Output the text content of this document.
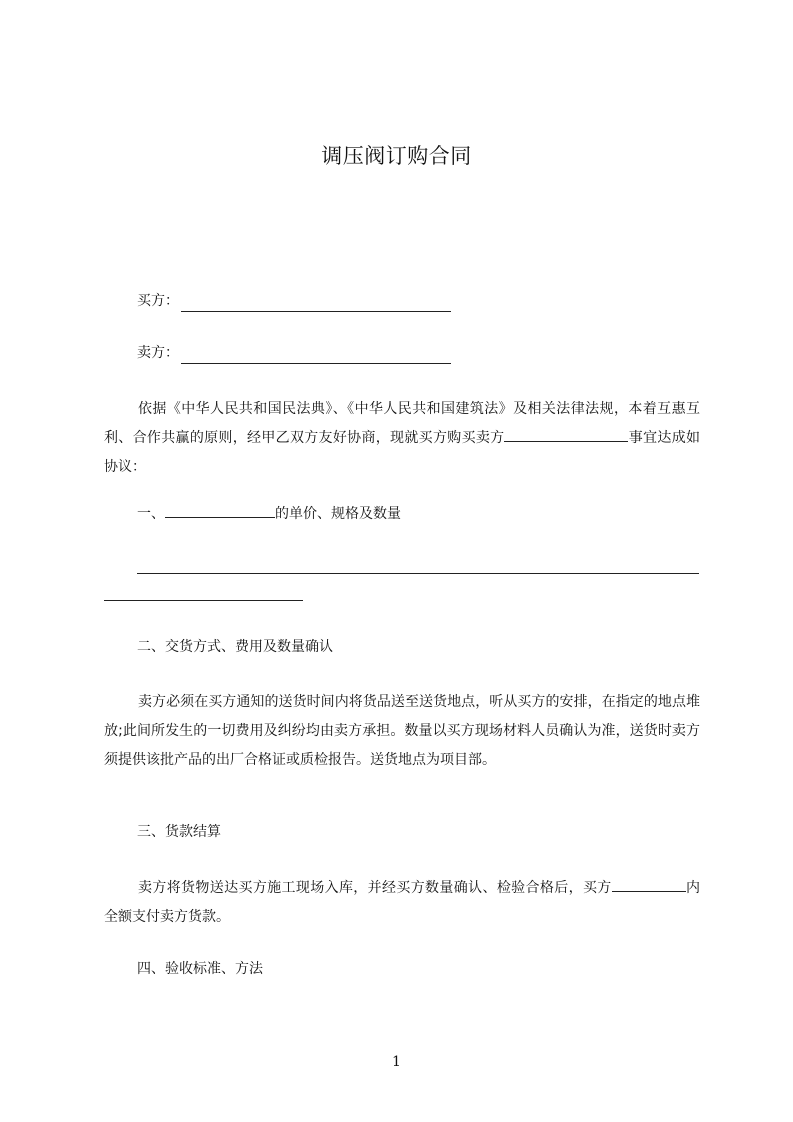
调压阀订购合同
买方：
卖方：
依据《中华人民共和国民法典》、《中华人民共和国建筑法》及相关法律法规，本着互惠互利、合作共赢的原则，经甲乙双方友好协商，现就买方购买卖方	事宜达成如协议：
一、	的单价、规格及数量
二、交货方式、费用及数量确认
卖方必须在买方通知的送货时间内将货品送至送货地点，听从买方的安排，在指定的地点堆放;此间所发生的一切费用及纠纷均由卖方承担。数量以买方现场材料人员确认为准，送货时卖方须提供该批产品的出厂合格证或质检报告。送货地点为项目部。
三、货款结算
卖方将货物送达买方施工现场入库，并经买方数量确认、检验合格后，买方	内全额支付卖方货款。
四、验收标准、方法
1
